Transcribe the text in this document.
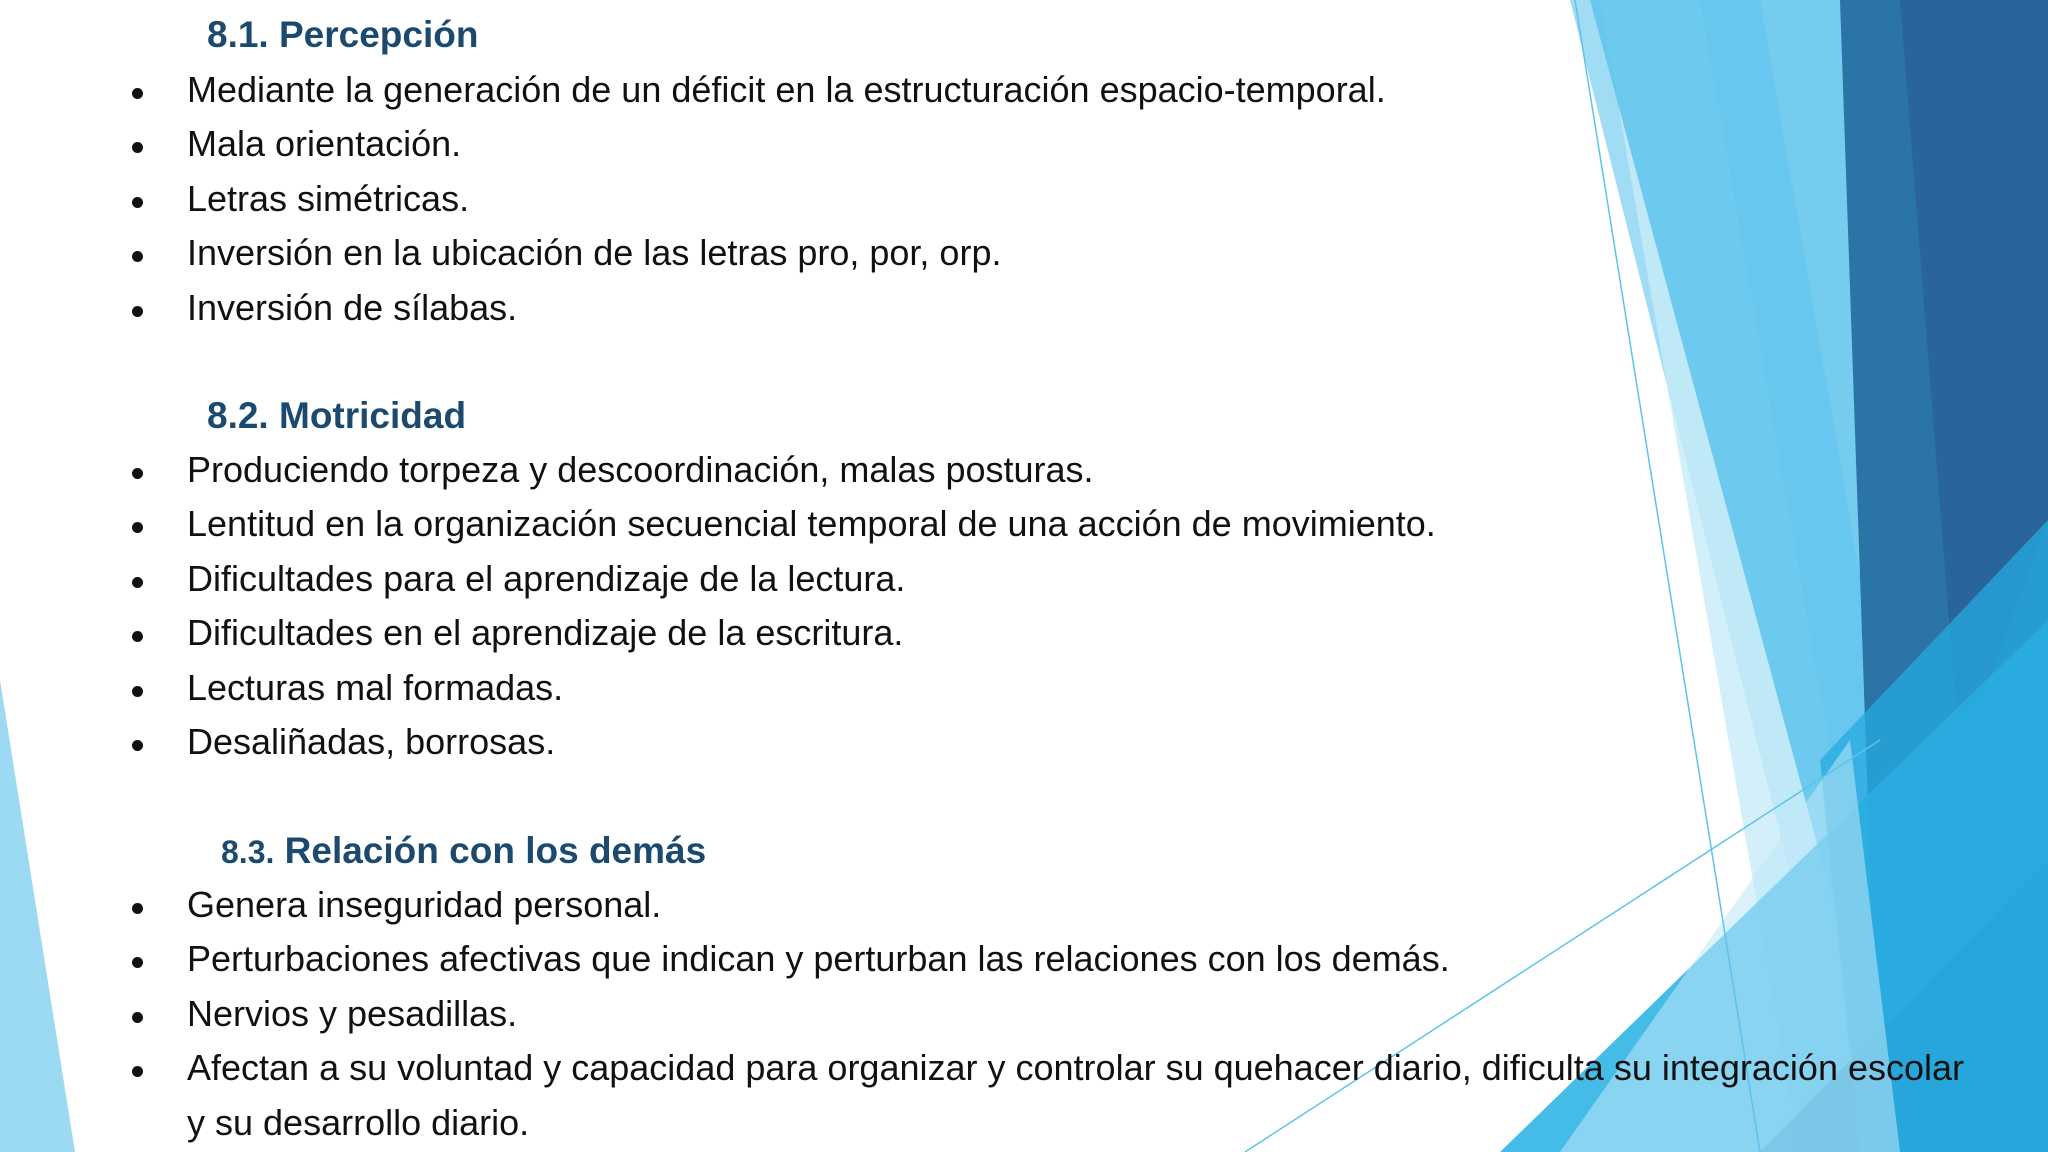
8.1. Percepción
Mediante la generación de un déficit en la estructuración espacio-temporal.
Mala orientación.
Letras simétricas.
Inversión en la ubicación de las letras pro, por, orp.
Inversión de sílabas.
8.2. Motricidad
Produciendo torpeza y descoordinación, malas posturas.
Lentitud en la organización secuencial temporal de una acción de movimiento.
Dificultades para el aprendizaje de la lectura.
Dificultades en el aprendizaje de la escritura.
Lecturas mal formadas.
Desaliñadas, borrosas.
8.3. Relación con los demás
Genera inseguridad personal.
Perturbaciones afectivas que indican y perturban las relaciones con los demás.
Nervios y pesadillas.
Afectan a su voluntad y capacidad para organizar y controlar su quehacer diario, dificulta su integración escolar y su desarrollo diario.
